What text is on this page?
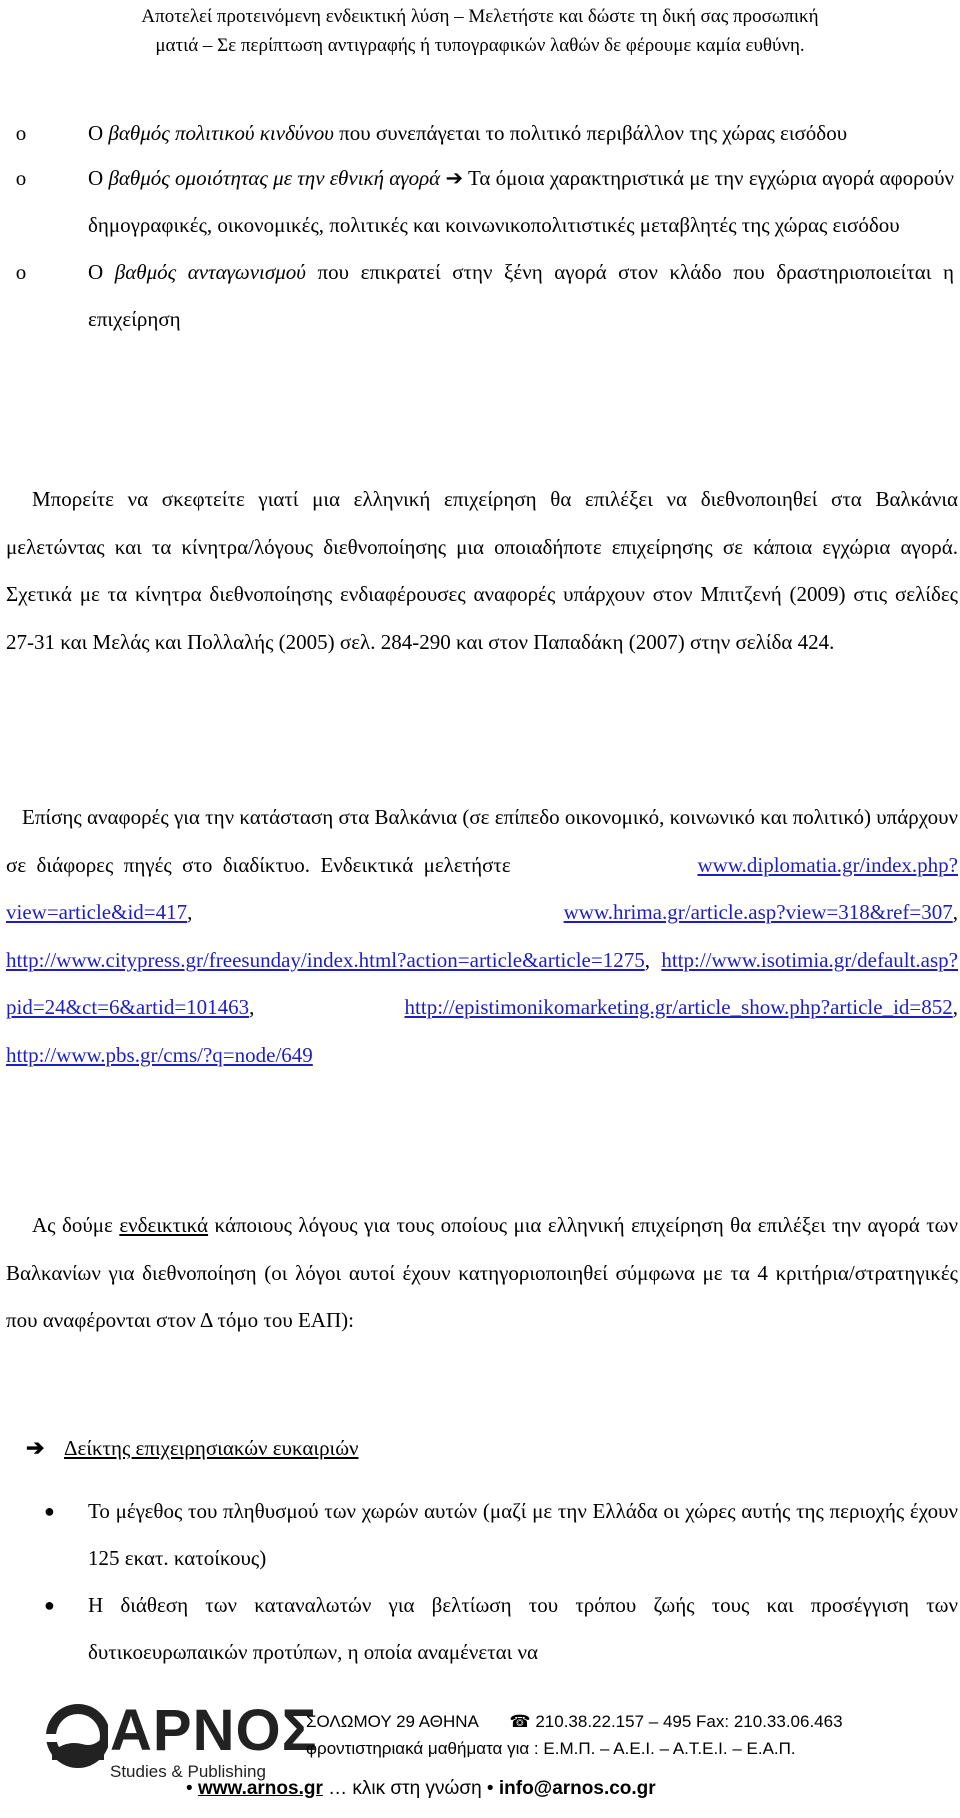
Αποτελεί προτεινόμενη ενδεικτική λύση – Μελετήστε και δώστε τη δική σας προσωπική
ματιά – Σε περίπτωση αντιγραφής ή τυπογραφικών λαθών δε φέρουμε καμία ευθύνη.
o	Ο βαθμός πολιτικού κινδύνου που συνεπάγεται το πολιτικό περιβάλλον της χώρας εισόδου
o	Ο βαθμός ομοιότητας με την εθνική αγορά ➔ Τα όμοια χαρακτηριστικά με την εγχώρια αγορά αφορούν δημογραφικές, οικονομικές, πολιτικές και κοινωνικοπολιτιστικές μεταβλητές της χώρας εισόδου
o	Ο βαθμός ανταγωνισμού που επικρατεί στην ξένη αγορά στον κλάδο που δραστηριοποιείται η επιχείρηση
Μπορείτε να σκεφτείτε γιατί μια ελληνική επιχείρηση θα επιλέξει να διεθνοποιηθεί στα Βαλκάνια μελετώντας και τα κίνητρα/λόγους διεθνοποίησης μια οποιαδήποτε επιχείρησης σε κάποια εγχώρια αγορά. Σχετικά με τα κίνητρα διεθνοποίησης ενδιαφέρουσες αναφορές υπάρχουν στον Μπιτζενή (2009) στις σελίδες 27-31 και Μελάς και Πολλαλής (2005) σελ. 284-290 και στον Παπαδάκη (2007) στην σελίδα 424.
Επίσης αναφορές για την κατάσταση στα Βαλκάνια (σε επίπεδο οικονομικό, κοινωνικό και πολιτικό) υπάρχουν σε διάφορες πηγές στο διαδίκτυο. Ενδεικτικά μελετήστε	www.diplomatia.gr/index.php?view=article&id=417, www.hrima.gr/article.asp?view=318&ref=307, http://www.citypress.gr/freesunday/index.html?action=article&article=1275, http://www.isotimia.gr/default.asp?pid=24&ct=6&artid=101463, http://epistimonikomarketing.gr/article_show.php?article_id=852, http://www.pbs.gr/cms/?q=node/649
Ας δούμε ενδεικτικά κάποιους λόγους για τους οποίους μια ελληνική επιχείρηση θα επιλέξει την αγορά των Βαλκανίων για διεθνοποίηση (οι λόγοι αυτοί έχουν κατηγοριοποιηθεί σύμφωνα με τα 4 κριτήρια/στρατηγικές που αναφέρονται στον Δ τόμο του ΕΑΠ):
➔ Δείκτης επιχειρησιακών ευκαιριών
● Το μέγεθος του πληθυσμού των χωρών αυτών (μαζί με την Ελλάδα οι χώρες αυτής της περιοχής έχουν 125 εκατ. κατοίκους)
● Η διάθεση των καταναλωτών για βελτίωση του τρόπου ζωής τους και προσέγγιση των δυτικοευρωπαικών προτύπων, η οποία αναμένεται να
ΑΡΝΟΣ
Studies & Publishing
ΣΟΛΩΜΟΥ 29 ΑΘΗΝΑ ☎ 210.38.22.157 – 495 Fax: 210.33.06.463
φροντιστηριακά μαθήματα για : Ε.Μ.Π. – Α.Ε.Ι. – Α.Τ.Ε.Ι. – Ε.Α.Π.
• www.arnos.gr … κλικ στη γνώση • info@arnos.co.gr
